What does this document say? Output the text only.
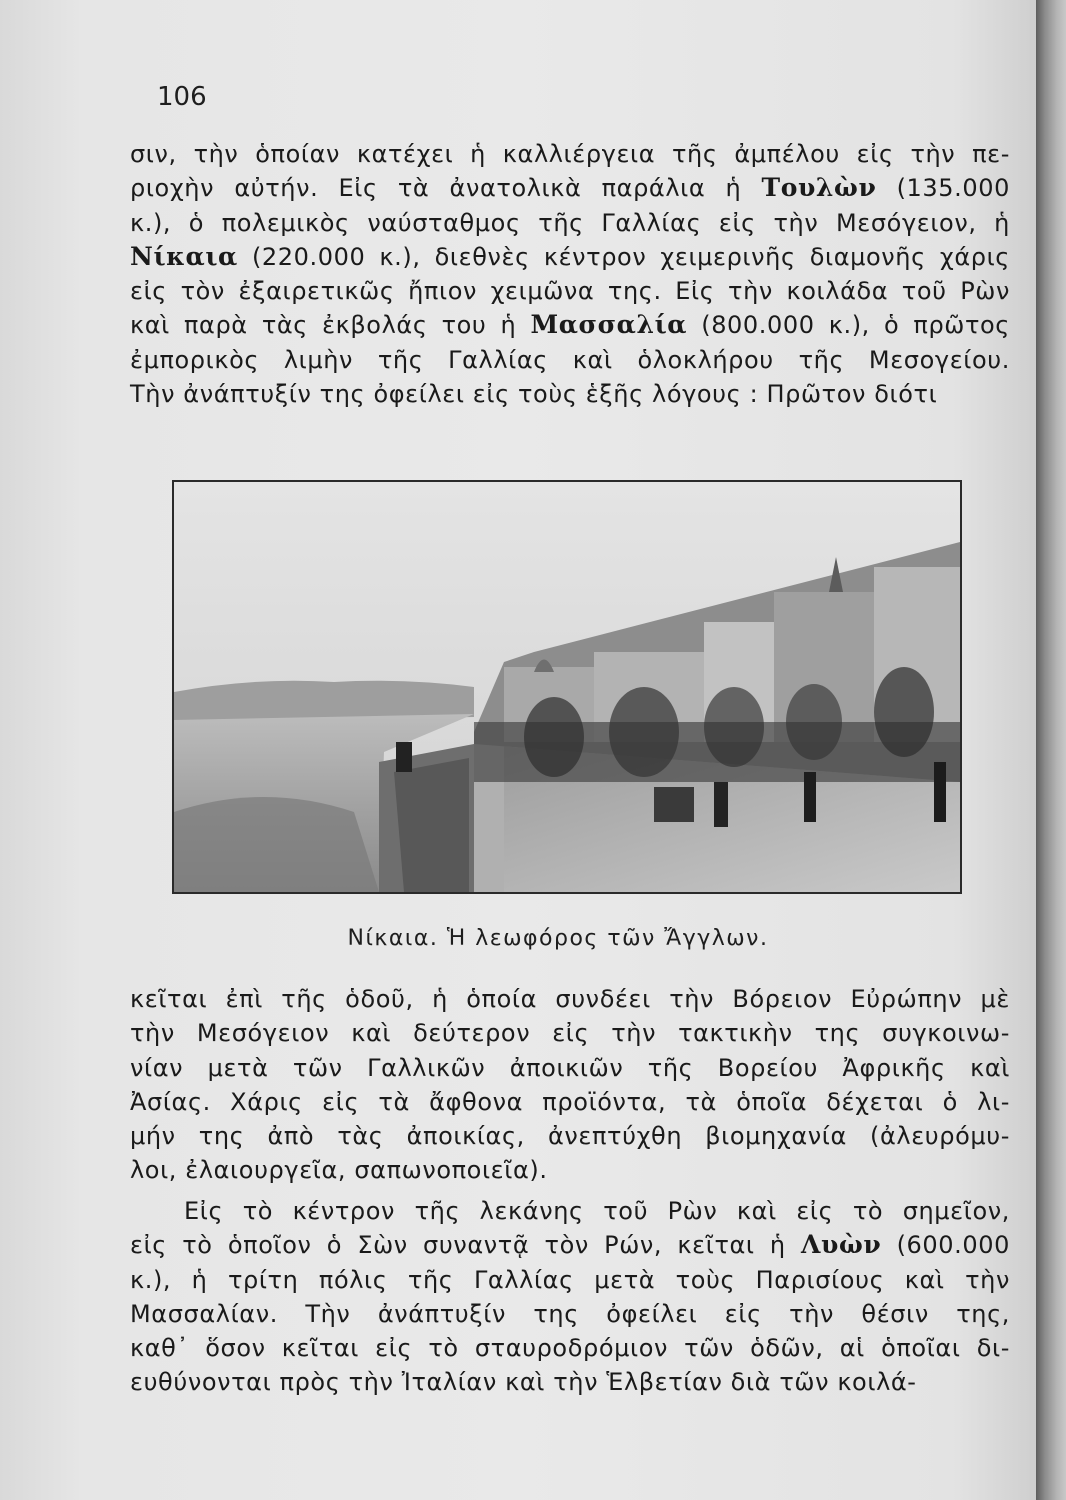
106
σιν, τὴν ὁποίαν κατέχει ἡ καλλιέργεια τῆς ἀμπέλου εἰς τὴν πε-
ριοχὴν αὐτήν. Εἰς τὰ ἀνατολικὰ παράλια ἡ Τουλὼν (135.000
κ.), ὁ πολεμικὸς ναύσταθμος τῆς Γαλλίας εἰς τὴν Μεσόγειον, ἡ
Νίκαια (220.000 κ.), διεθνὲς κέντρον χειμερινῆς διαμονῆς χάρις
εἰς τὸν ἐξαιρετικῶς ἤπιον χειμῶνα της. Εἰς τὴν κοιλάδα τοῦ Ρὼν
καὶ παρὰ τὰς ἐκβολάς του ἡ Μασσαλία (800.000 κ.), ὁ πρῶτος
ἐμπορικὸς λιμὴν τῆς Γαλλίας καὶ ὁλοκλήρου τῆς Μεσογείου.
Τὴν ἀνάπτυξίν της ὀφείλει εἰς τοὺς ἑξῆς λόγους : Πρῶτον διότι
Νίκαια. Ἡ λεωφόρος τῶν Ἄγγλων.
κεῖται ἐπὶ τῆς ὁδοῦ, ἡ ὁποία συνδέει τὴν Βόρειον Εὐρώπην μὲ
τὴν Μεσόγειον καὶ δεύτερον εἰς τὴν τακτικὴν της συγκοινω-
νίαν μετὰ τῶν Γαλλικῶν ἀποικιῶν τῆς Βορείου Ἀφρικῆς καὶ
Ἀσίας. Χάρις εἰς τὰ ἄφθονα προϊόντα, τὰ ὁποῖα δέχεται ὁ λι-
μήν της ἀπὸ τὰς ἀποικίας, ἀνεπτύχθη βιομηχανία (ἀλευρόμυ-
λοι, ἐλαιουργεῖα, σαπωνοποιεῖα).
Εἰς τὸ κέντρον τῆς λεκάνης τοῦ Ρὼν καὶ εἰς τὸ σημεῖον,
εἰς τὸ ὁποῖον ὁ Σὼν συναντᾷ τὸν Ρών, κεῖται ἡ Λυὼν (600.000
κ.), ἡ τρίτη πόλις τῆς Γαλλίας μετὰ τοὺς Παρισίους καὶ τὴν
Μασσαλίαν. Τὴν ἀνάπτυξίν της ὀφείλει εἰς τὴν θέσιν της,
καθ᾽ ὅσον κεῖται εἰς τὸ σταυροδρόμιον τῶν ὁδῶν, αἱ ὁποῖαι δι-
ευθύνονται πρὸς τὴν Ἰταλίαν καὶ τὴν Ἑλβετίαν διὰ τῶν κοιλά-
